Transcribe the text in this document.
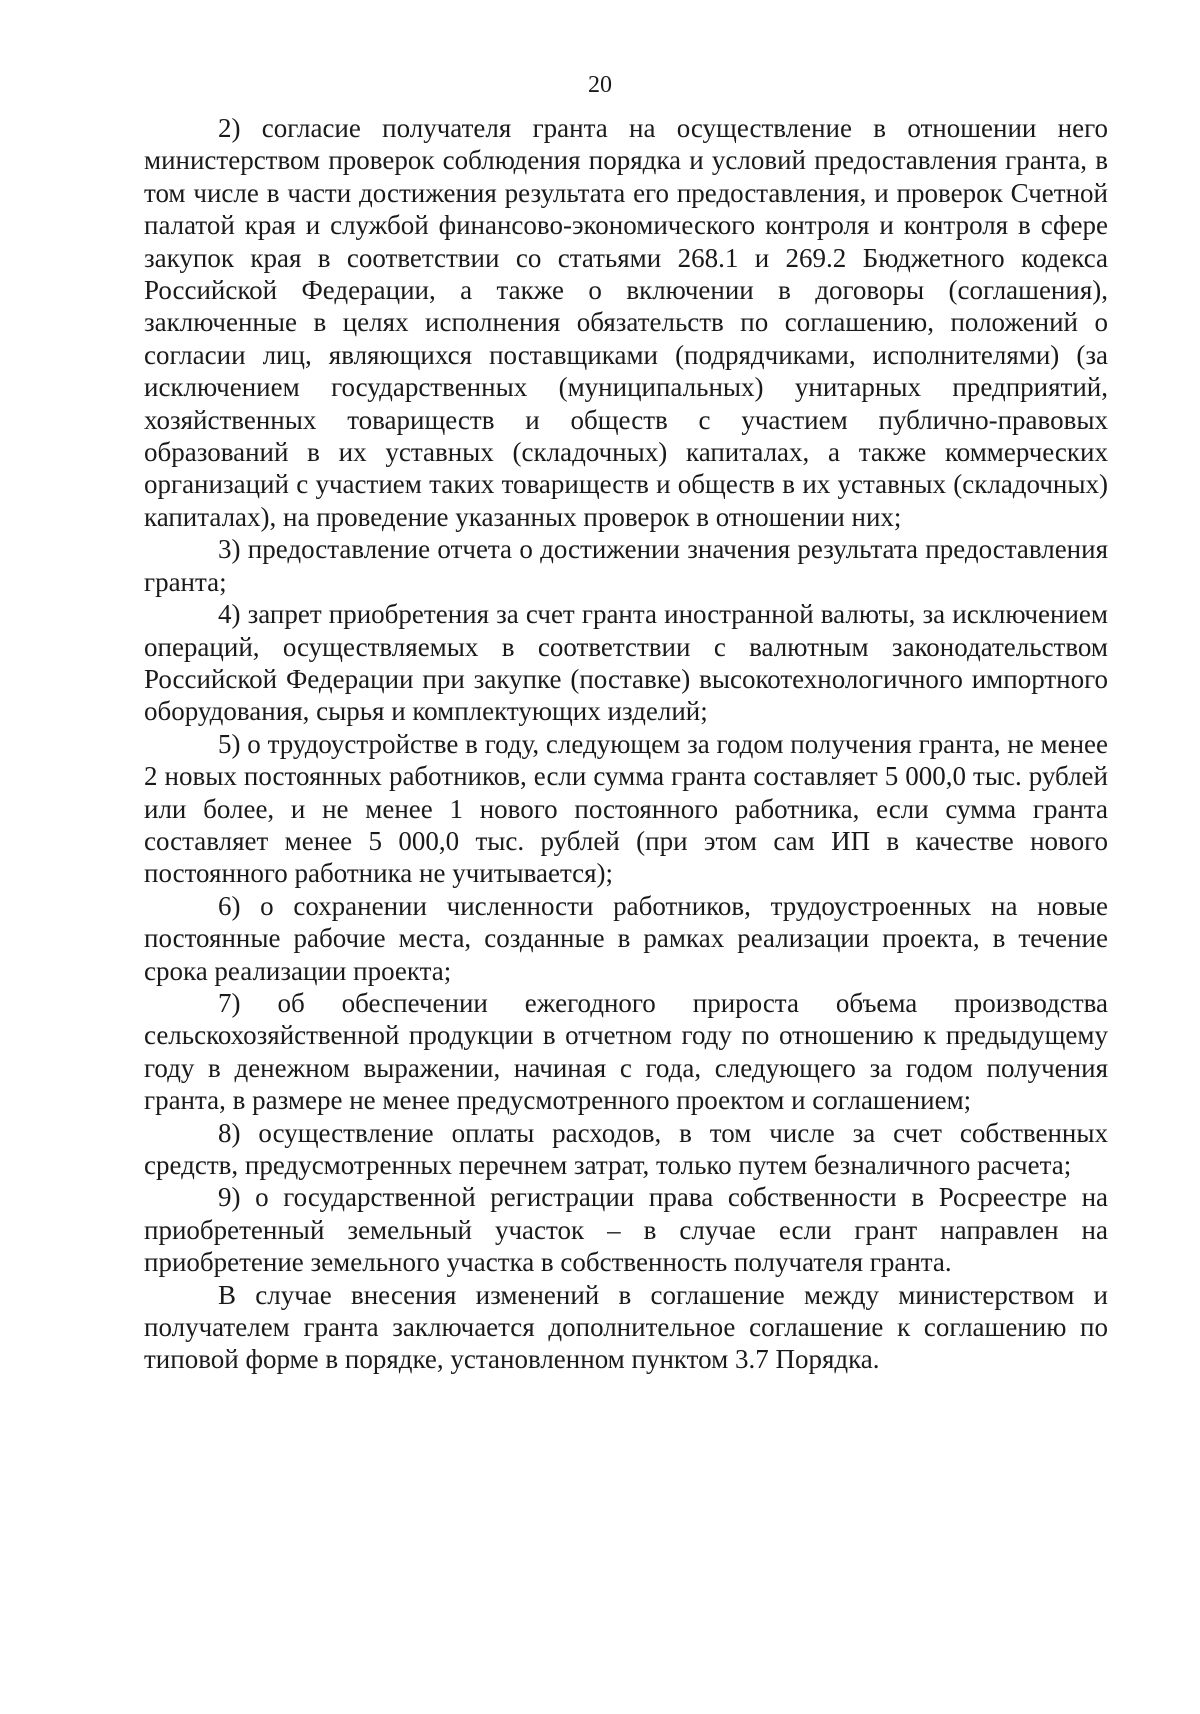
20

2) согласие получателя гранта на осуществление в отношении него министерством проверок соблюдения порядка и условий предоставления гранта, в том числе в части достижения результата его предоставления, и проверок Счетной палатой края и службой финансово-экономического контроля и контроля в сфере закупок края в соответствии со статьями 268.1 и 269.2 Бюджетного кодекса Российской Федерации, а также о включении в договоры (соглашения), заключенные в целях исполнения обязательств по соглашению, положений о согласии лиц, являющихся поставщиками (подрядчиками, исполнителями) (за исключением государственных (муниципальных) унитарных предприятий, хозяйственных товариществ и обществ с участием публично-правовых образований в их уставных (складочных) капиталах, а также коммерческих организаций с участием таких товариществ и обществ в их уставных (складочных) капиталах), на проведение указанных проверок в отношении них;

3) предоставление отчета о достижении значения результата предоставления гранта;

4) запрет приобретения за счет гранта иностранной валюты, за исключением операций, осуществляемых в соответствии с валютным законодательством Российской Федерации при закупке (поставке) высокотехнологичного импортного оборудования, сырья и комплектующих изделий;

5) о трудоустройстве в году, следующем за годом получения гранта, не менее 2 новых постоянных работников, если сумма гранта составляет 5 000,0 тыс. рублей или более, и не менее 1 нового постоянного работника, если сумма гранта составляет менее 5 000,0 тыс. рублей (при этом сам ИП в качестве нового постоянного работника не учитывается);

6) о сохранении численности работников, трудоустроенных на новые постоянные рабочие места, созданные в рамках реализации проекта, в течение срока реализации проекта;

7) об обеспечении ежегодного прироста объема производства сельскохозяйственной продукции в отчетном году по отношению к предыдущему году в денежном выражении, начиная с года, следующего за годом получения гранта, в размере не менее предусмотренного проектом и соглашением;

8) осуществление оплаты расходов, в том числе за счет собственных средств, предусмотренных перечнем затрат, только путем безналичного расчета;

9) о государственной регистрации права собственности в Росреестре на приобретенный земельный участок – в случае если грант направлен на приобретение земельного участка в собственность получателя гранта.

В случае внесения изменений в соглашение между министерством и получателем гранта заключается дополнительное соглашение к соглашению по типовой форме в порядке, установленном пунктом 3.7 Порядка.
